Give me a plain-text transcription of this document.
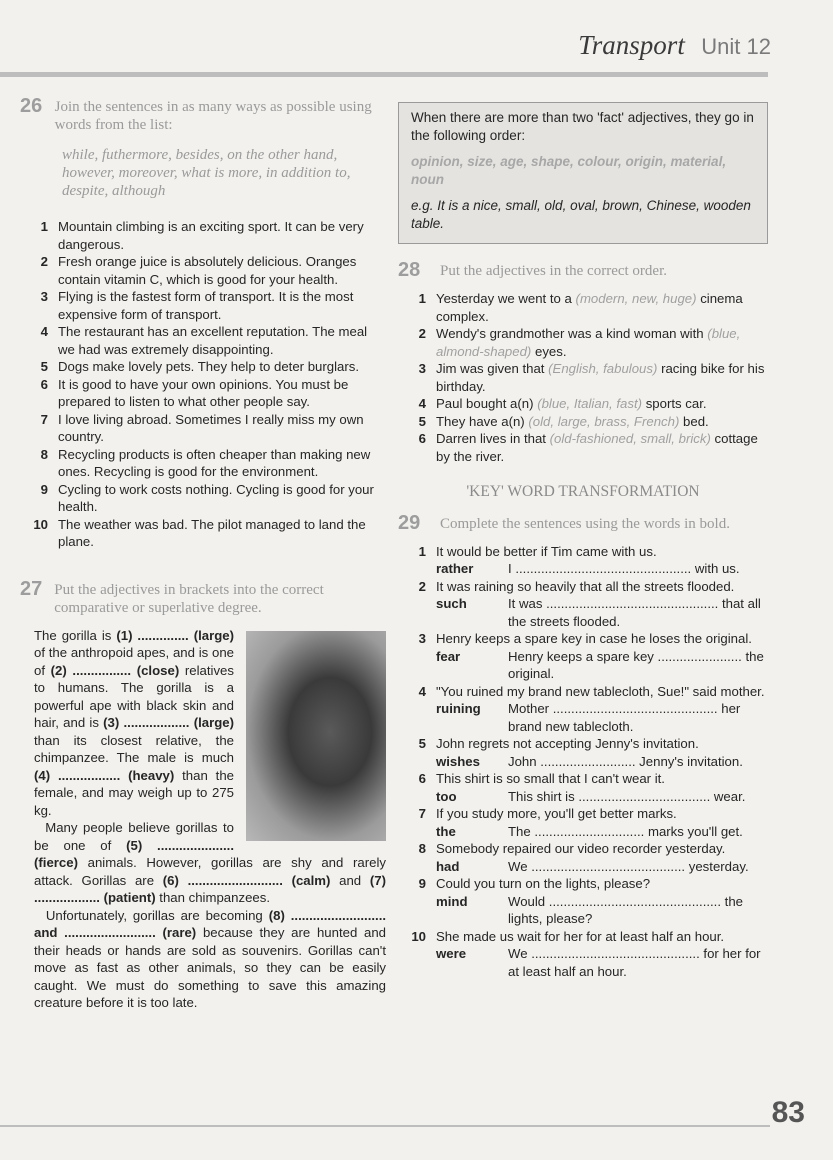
Transport Unit 12
26 Join the sentences in as many ways as possible using words from the list:
while, futhermore, besides, on the other hand, however, moreover, what is more, in addition to, despite, although
1 Mountain climbing is an exciting sport. It can be very dangerous.
2 Fresh orange juice is absolutely delicious. Oranges contain vitamin C, which is good for your health.
3 Flying is the fastest form of transport. It is the most expensive form of transport.
4 The restaurant has an excellent reputation. The meal we had was extremely disappointing.
5 Dogs make lovely pets. They help to deter burglars.
6 It is good to have your own opinions. You must be prepared to listen to what other people say.
7 I love living abroad. Sometimes I really miss my own country.
8 Recycling products is often cheaper than making new ones. Recycling is good for the environment.
9 Cycling to work costs nothing. Cycling is good for your health.
10 The weather was bad. The pilot managed to land the plane.
27 Put the adjectives in brackets into the correct comparative or superlative degree.
The gorilla is (1) .............. (large) of the anthropoid apes, and is one of (2) ................ (close) relatives to humans. The gorilla is a powerful ape with black skin and hair, and is (3) .................. (large) than its closest relative, the chimpanzee. The male is much (4) ................. (heavy) than the female, and may weigh up to 275 kg.
Many people believe gorillas to be one of (5) ..................... (fierce) animals. However, gorillas are shy and rarely attack. Gorillas are (6) .......................... (calm) and (7) .................. (patient) than chimpanzees.
Unfortunately, gorillas are becoming (8) .......................... and ......................... (rare) because they are hunted and their heads or hands are sold as souvenirs. Gorillas can't move as fast as other animals, so they can be easily caught. We must do something to save this amazing creature before it is too late.

When there are more than two 'fact' adjectives, they go in the following order:

opinion, size, age, shape, colour, origin, material, noun

e.g. It is a nice, small, old, oval, brown, Chinese, wooden table.

28	Put the adjectives in the correct order.
1 Yesterday we went to a (modern, new, huge) cinema complex.
2 Wendy's grandmother was a kind woman with (blue, almond-shaped) eyes.
3 Jim was given that (English, fabulous) racing bike for his birthday.
4 Paul bought a(n) (blue, Italian, fast) sports car.
5 They have a(n) (old, large, brass, French) bed.
6 Darren lives in that (old-fashioned, small, brick) cottage by the river.
'KEY' WORD TRANSFORMATION
29	Complete the sentences using the words in bold.
1 It would be better if Tim came with us.
rather	I ................................................ with us.
2 It was raining so heavily that all the streets flooded.
such	It was ............................................... that all the streets flooded.
3 Henry keeps a spare key in case he loses the original.
fear	Henry keeps a spare key ....................... the original.
4 "You ruined my brand new tablecloth, Sue!" said mother.
ruining	Mother ............................................. her brand new tablecloth.
5 John regrets not accepting Jenny's invitation.
wishes	John .......................... Jenny's invitation.
6 This shirt is so small that I can't wear it.
too	This shirt is .................................... wear.
7 If you study more, you'll get better marks.
the	The .............................. marks you'll get.
8 Somebody repaired our video recorder yesterday.
had	We .......................................... yesterday.
9 Could you turn on the lights, please?
mind	Would ............................................... the lights, please?
10 She made us wait for her for at least half an hour.
were	We .............................................. for her for at least half an hour.
83
